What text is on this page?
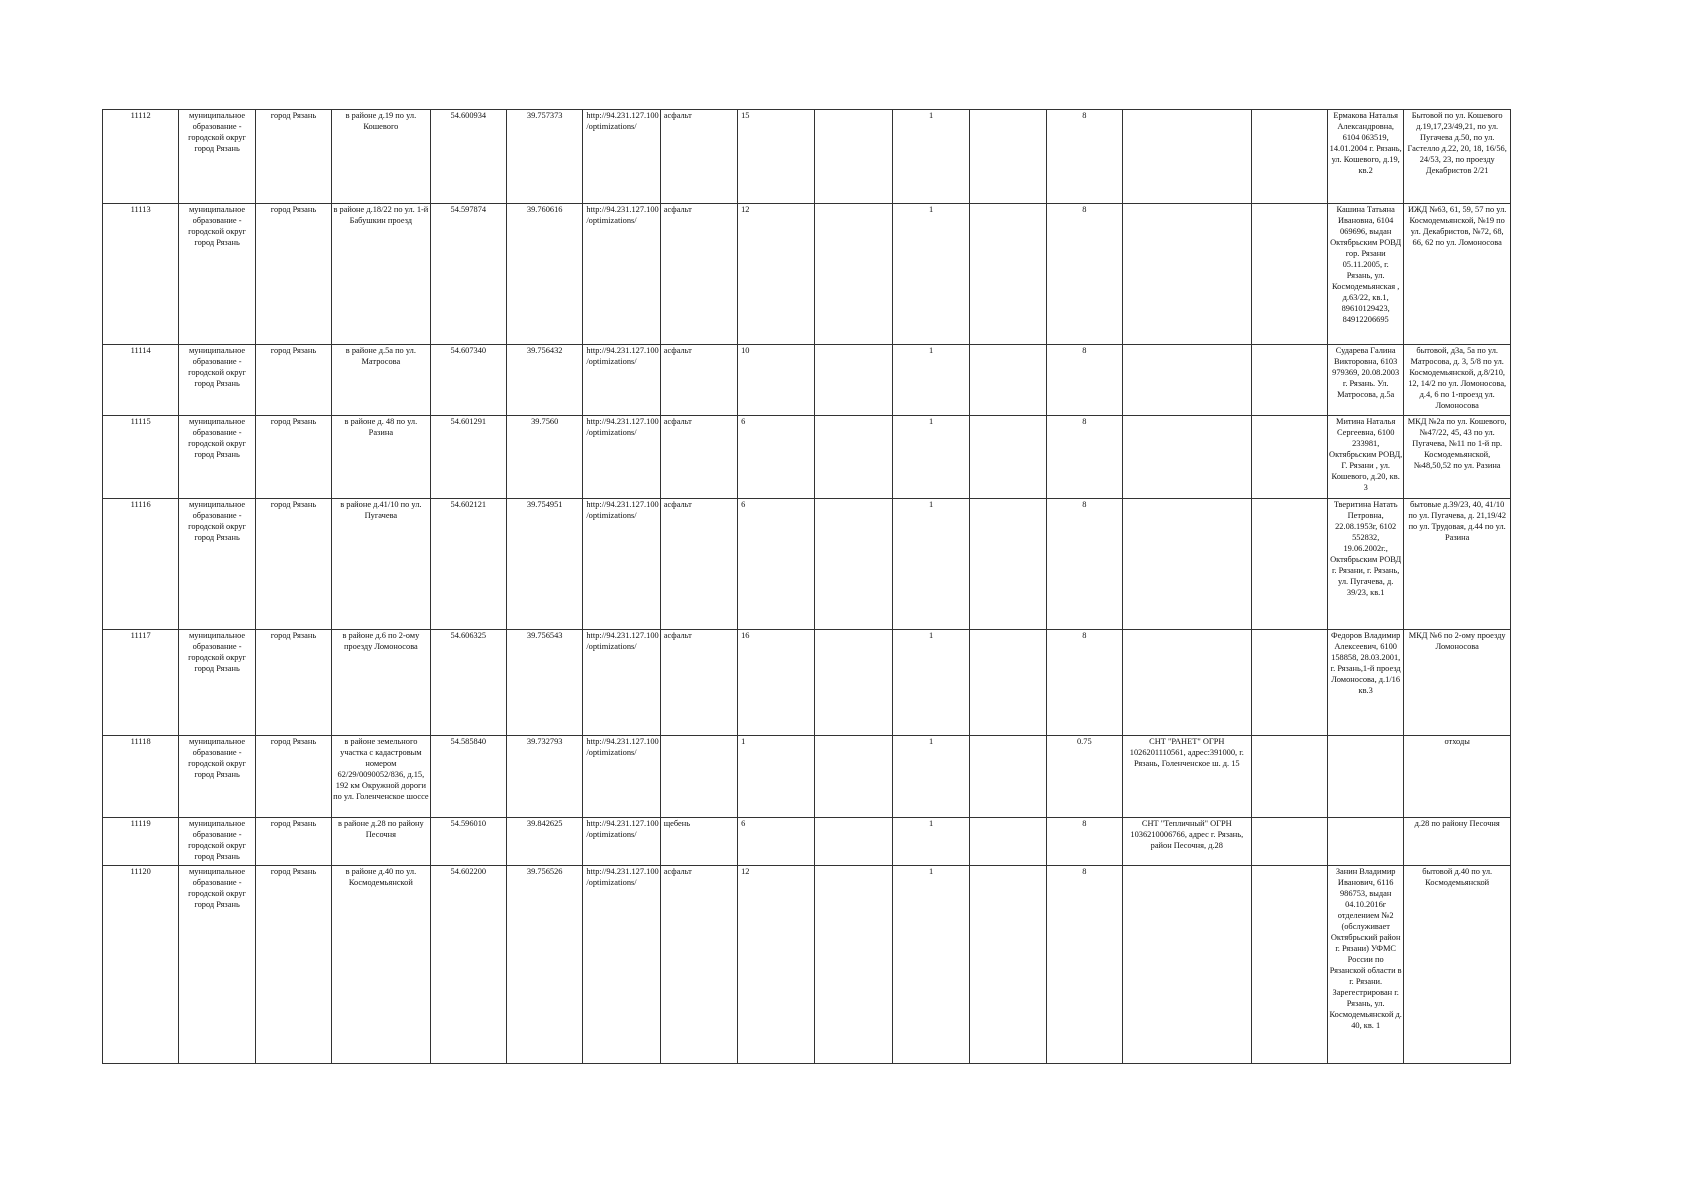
11112	муниципальное образование - городской округ город Рязань	город Рязань	в районе д.19 по ул. Кошевого	54.600934	39.757373	http://94.231.127.100/optimizations/	асфальт	15		1		8			Ермакова Наталья Александровна, 6104 063519, 14.01.2004 г. Рязань, ул. Кошевого, д.19, кв.2	Бытовой по ул. Кошевого д.19,17,23/49,21, по ул. Пугачева д.50, по ул. Гастелло д.22, 20, 18, 16/56, 24/53, 23, по проезду Декабристов 2/21
11113	муниципальное образование - городской округ город Рязань	город Рязань	в районе д.18/22 по ул. 1-й Бабушкин проезд	54.597874	39.760616	http://94.231.127.100/optimizations/	асфальт	12		1		8			Кашина Татьяна Ивановна, 6104 069696, выдан Октябрьским РОВД гор. Рязани 05.11.2005, г. Рязань, ул. Космодемьянская , д.63/22, кв.1, 89610129423, 84912206695	ИЖД №63, 61, 59, 57 по ул. Космодемьянской, №19 по ул. Декабристов, №72, 68, 66, 62 по ул. Ломоносова
11114	муниципальное образование - городской округ город Рязань	город Рязань	в районе д.5а по ул. Матросова	54.607340	39.756432	http://94.231.127.100/optimizations/	асфальт	10		1		8			Сударева Галина Викторовна, 6103 979369, 20.08.2003 г. Рязань. Ул. Матросова, д.5а	бытовой, д3а, 5а по ул. Матросова, д. 3, 5/8 по ул. Космодемьянской, д.8/210, 12, 14/2 по ул. Ломоносова, д.4, 6 по 1-проезд ул. Ломоносова
11115	муниципальное образование - городской округ город Рязань	город Рязань	в районе д. 48 по ул. Разина	54.601291	39.7560	http://94.231.127.100/optimizations/	асфальт	6		1		8			Митина Наталья Сергеевна, 6100 233981, Октябрьским РОВД, Г. Рязани , ул. Кошевого, д.20, кв. 3	МКД №2а по ул. Кошевого, №47/22, 45, 43 по ул. Пугачева, №11 по 1-й пр. Космодемьянской, №48,50,52 по ул. Разина
11116	муниципальное образование - городской округ город Рязань	город Рязань	в районе д.41/10 по ул. Пугачева	54.602121	39.754951	http://94.231.127.100/optimizations/	асфальт	6		1		8			Тверитина Натать Петровна, 22.08.1953г, 6102 552832, 19.06.2002г., Октябрьским РОВД г. Рязани, г. Рязань, ул. Пугачева, д. 39/23, кв.1	бытовые д.39/23, 40, 41/10 по ул. Пугачева, д. 21,19/42 по ул. Трудовая, д.44 по ул. Разина
11117	муниципальное образование - городской округ город Рязань	город Рязань	в районе д.6 по 2-ому проезду Ломоносова	54.606325	39.756543	http://94.231.127.100/optimizations/	асфальт	16		1		8			Федоров Владимир Алексеевич, 6100 158858, 28.03.2001, г. Рязань,1-й проезд Ломоносова, д.1/16 кв.3	МКД №6 по 2-ому проезду Ломоносова
11118	муниципальное образование - городской округ город Рязань	город Рязань	в районе земельного участка с кадастровым номером 62/29/0090052/836, д.15, 192 км Окружной дороги по ул. Голенченское шоссе	54.585840	39.732793	http://94.231.127.100/optimizations/		1		1		0.75	СНТ "РАНЕТ" ОГРН 1026201110561, адрес:391000, г. Рязань, Голенченское ш. д. 15			отходы
11119	муниципальное образование - городской округ город Рязань	город Рязань	в районе д.28 по району Песочня	54.596010	39.842625	http://94.231.127.100/optimizations/	щебень	6		1		8	СНТ "Тепличный" ОГРН 1036210006766, адрес г. Рязань, район Песочня, д.28			д.28 по району Песочня
11120	муниципальное образование - городской округ город Рязань	город Рязань	в районе д.40 по ул. Космодемьянской	54.602200	39.756526	http://94.231.127.100/optimizations/	асфальт	12		1		8			Занин Владимир Иванович, 6116 986753, выдан 04.10.2016г отделением №2 (обслуживает Октябрьский район г. Рязани) УФМС России по Рязанской области в г. Рязани. Зарегестрирован г. Рязань, ул. Космодемьянской д. 40, кв. 1	бытовой д.40 по ул. Космодемьянской
